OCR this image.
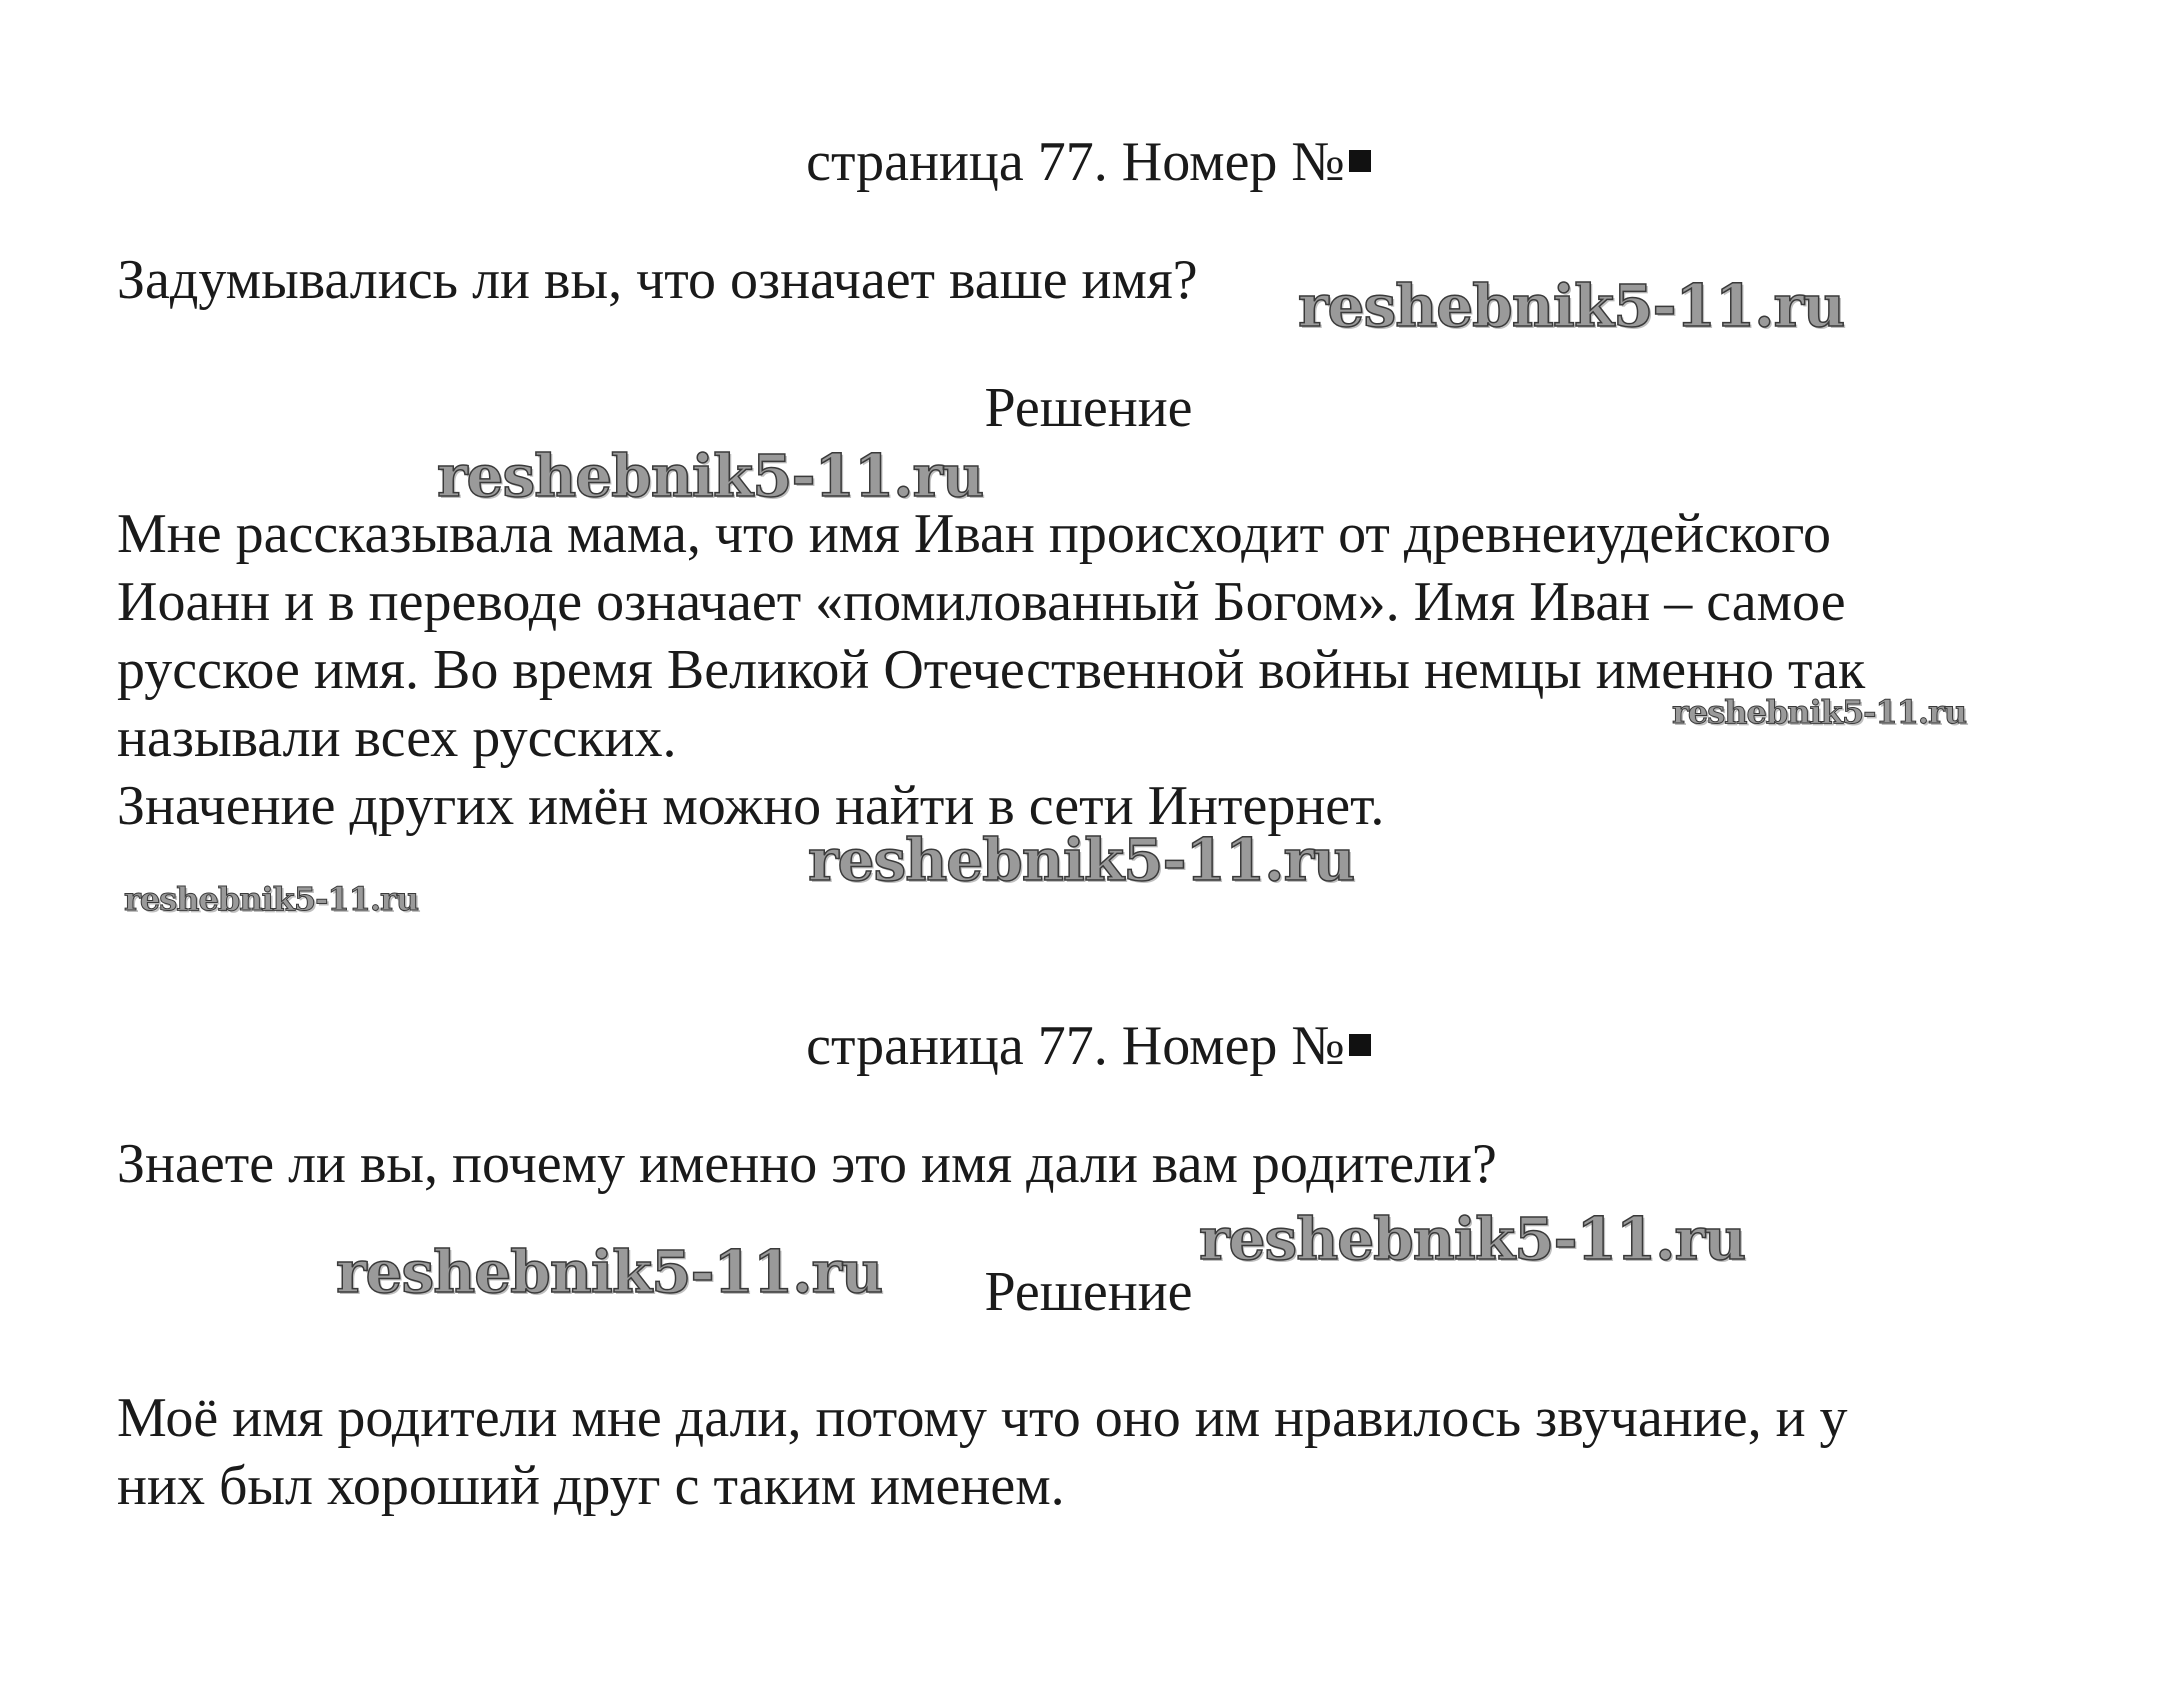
страница 77. Номер №
Задумывались ли вы, что означает ваше имя?
Решение
Мне рассказывала мама, что имя Иван происходит от древнеиудейского
Иоанн и в переводе означает «помилованный Богом». Имя Иван – самое
русское имя. Во время Великой Отечественной войны немцы именно так
называли всех русских.
Значение других имён можно найти в сети Интернет.
страница 77. Номер №
Знаете ли вы, почему именно это имя дали вам родители?
Решение
Моё имя родители мне дали, потому что оно им нравилось звучание, и у
них был хороший друг с таким именем.
reshebnik5-11.ru
reshebnik5-11.ru
reshebnik5-11.ru
reshebnik5-11.ru
reshebnik5-11.ru
reshebnik5-11.ru
reshebnik5-11.ru
